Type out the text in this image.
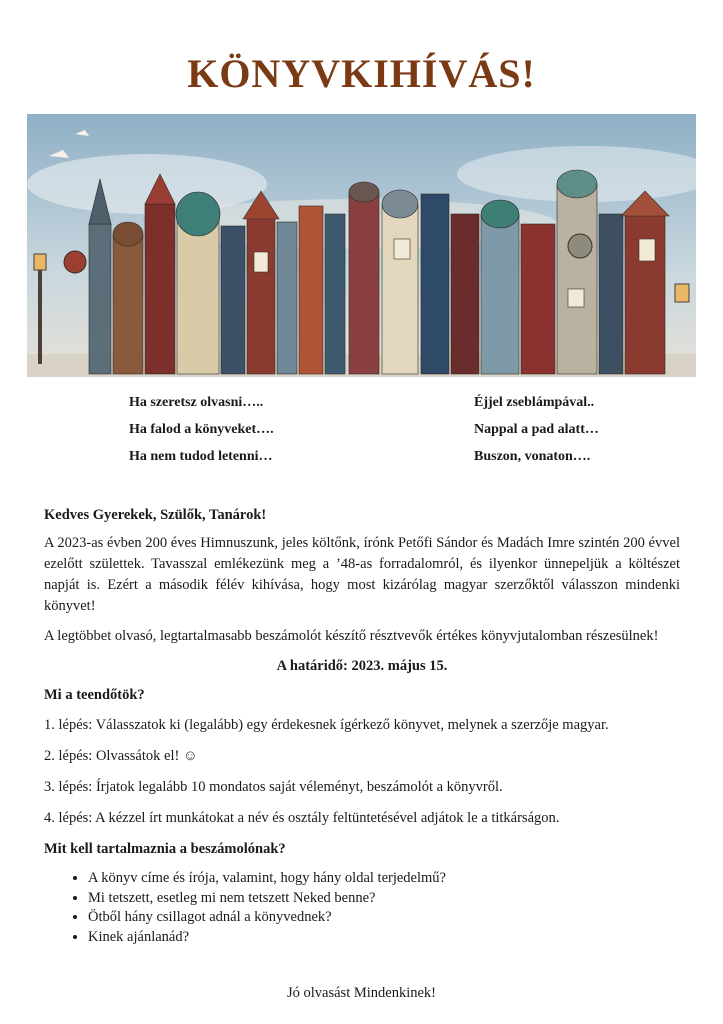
KÖNYVKIHÍVÁS!
Ha szeretsz olvasni…..
Ha falod a könyveket….
Ha nem tudod letenni…
Éjjel zseblámpával..
Nappal a pad alatt…
Buszon, vonaton….

Kedves Gyerekek, Szülők, Tanárok!

A 2023-as évben 200 éves Himnuszunk, jeles költőnk, írónk Petőfi Sándor és Madách Imre szintén 200 évvel ezelőtt születtek. Tavasszal emlékezünk meg a ’48-as forradalomról, és ilyenkor ünnepeljük a költészet napját is. Ezért a második félév kihívása, hogy most kizárólag magyar szerzőktől válasszon mindenki könyvet!

A legtöbbet olvasó, legtartalmasabb beszámolót készítő résztvevők értékes könyvjutalomban részesülnek!

A határidő: 2023. május 15.

Mi a teendőtök?

1. lépés: Válasszatok ki (legalább) egy érdekesnek ígérkező könyvet, melynek a szerzője magyar.

2. lépés: Olvassátok el! ☺

3. lépés: Írjatok legalább 10 mondatos saját véleményt, beszámolót a könyvről.

4. lépés: A kézzel írt munkátokat a név és osztály feltüntetésével adjátok le a titkárságon.

Mit kell tartalmaznia a beszámolónak?

• A könyv címe és írója, valamint, hogy hány oldal terjedelmű?
• Mi tetszett, esetleg mi nem tetszett Neked benne?
• Ötből hány csillagot adnál a könyvednek?
• Kinek ajánlanád?
Jó olvasást Mindenkinek!
